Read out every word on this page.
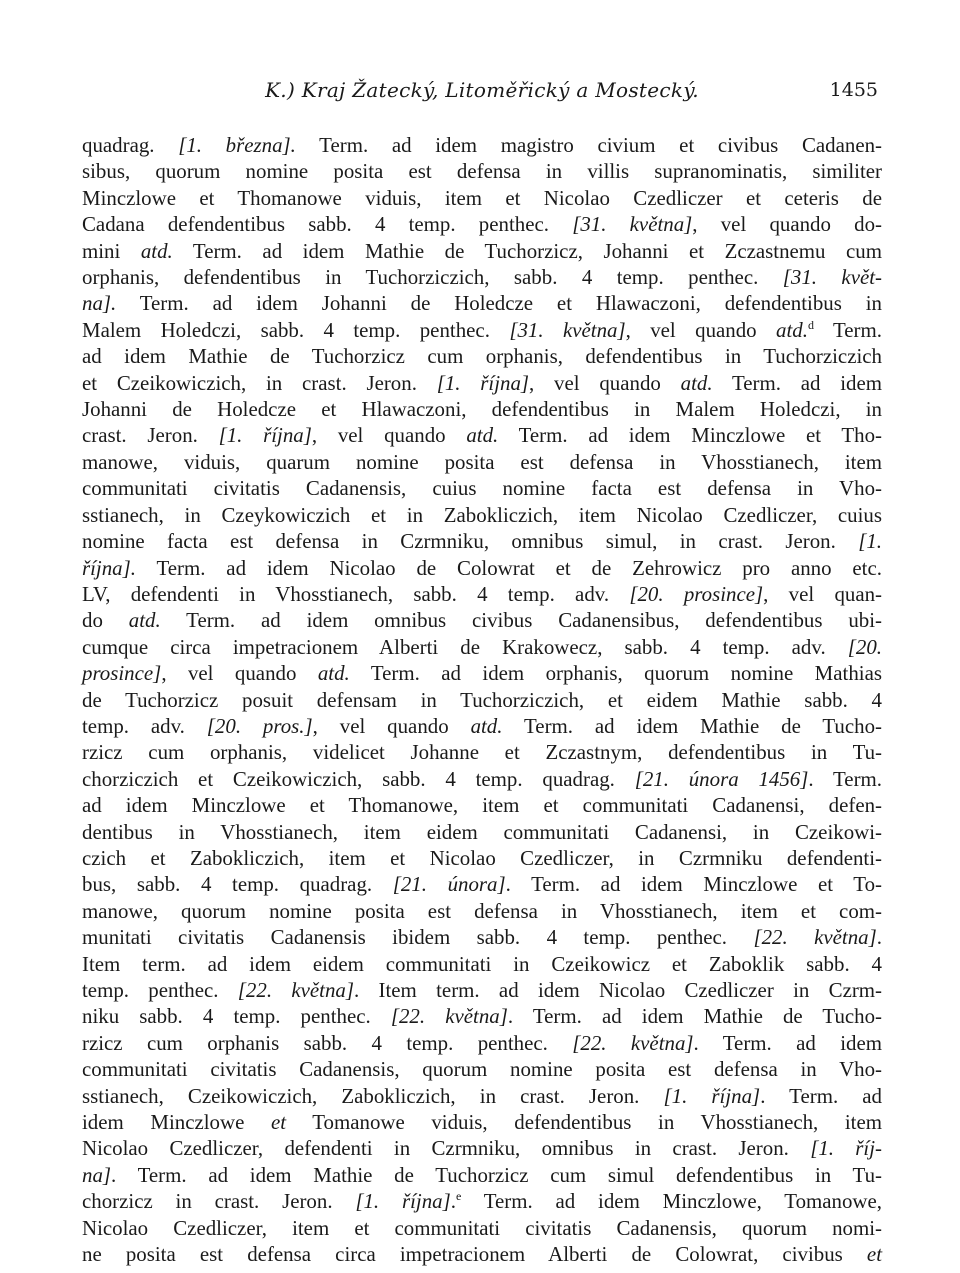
K.) Kraj Žatecký, Litoměřický a Mostecký.	1455
quadrag. [1. března]. Term. ad idem magistro civium et civibus Cadanen-
sibus, quorum nomine posita est defensa in villis supranominatis, similiter
Minczlowe et Thomanowe viduis, item et Nicolao Czedliczer et ceteris de
Cadana defendentibus sabb. 4 temp. penthec. [31. května], vel quando do-
mini atd. Term. ad idem Mathie de Tuchorzicz, Johanni et Zczastnemu cum
orphanis, defendentibus in Tuchorziczich, sabb. 4 temp. penthec. [31. květ-
na]. Term. ad idem Johanni de Holedcze et Hlawaczoni, defendentibus in
Malem Holedczi, sabb. 4 temp. penthec. [31. května], vel quando atd.$^d$ Term.
ad idem Mathie de Tuchorzicz cum orphanis, defendentibus in Tuchorziczich
et Czeikowiczich, in crast. Jeron. [1. října], vel quando atd. Term. ad idem
Johanni de Holedcze et Hlawaczoni, defendentibus in Malem Holedczi, in
crast. Jeron. [1. října], vel quando atd. Term. ad idem Minczlowe et Tho-
manowe, viduis, quarum nomine posita est defensa in Vhosstianech, item
communitati civitatis Cadanensis, cuius nomine facta est defensa in Vho-
sstianech, in Czeykowiczich et in Zabokliczich, item Nicolao Czedliczer, cuius
nomine facta est defensa in Czrmniku, omnibus simul, in crast. Jeron. [1.
října]. Term. ad idem Nicolao de Colowrat et de Zehrowicz pro anno etc.
LV, defendenti in Vhosstianech, sabb. 4 temp. adv. [20. prosince], vel quan-
do atd. Term. ad idem omnibus civibus Cadanensibus, defendentibus ubi-
cumque circa impetracionem Alberti de Krakowecz, sabb. 4 temp. adv. [20.
prosince], vel quando atd. Term. ad idem orphanis, quorum nomine Mathias
de Tuchorzicz posuit defensam in Tuchorziczich, et eidem Mathie sabb. 4
temp. adv. [20. pros.], vel quando atd. Term. ad idem Mathie de Tucho-
rzicz cum orphanis, videlicet Johanne et Zczastnym, defendentibus in Tu-
chorziczich et Czeikowiczich, sabb. 4 temp. quadrag. [21. února 1456]. Term.
ad idem Minczlowe et Thomanowe, item et communitati Cadanensi, defen-
dentibus in Vhosstianech, item eidem communitati Cadanensi, in Czeikowi-
czich et Zabokliczich, item et Nicolao Czedliczer, in Czrmniku defendenti-
bus, sabb. 4 temp. quadrag. [21. února]. Term. ad idem Minczlowe et To-
manowe, quorum nomine posita est defensa in Vhosstianech, item et com-
munitati civitatis Cadanensis ibidem sabb. 4 temp. penthec. [22. května].
Item term. ad idem eidem communitati in Czeikowicz et Zaboklik sabb. 4
temp. penthec. [22. května]. Item term. ad idem Nicolao Czedliczer in Czrm-
niku sabb. 4 temp. penthec. [22. května]. Term. ad idem Mathie de Tucho-
rzicz cum orphanis sabb. 4 temp. penthec. [22. května]. Term. ad idem
communitati civitatis Cadanensis, quorum nomine posita est defensa in Vho-
sstianech, Czeikowiczich, Zabokliczich, in crast. Jeron. [1. října]. Term. ad
idem Minczlowe et Tomanowe viduis, defendentibus in Vhosstianech, item
Nicolao Czedliczer, defendenti in Czrmniku, omnibus in crast. Jeron. [1. říj-
na]. Term. ad idem Mathie de Tuchorzicz cum simul defendentibus in Tu-
chorzicz in crast. Jeron. [1. října].$^e$ Term. ad idem Minczlowe, Tomanowe,
Nicolao Czedliczer, item et communitati civitatis Cadanensis, quorum nomi-
ne posita est defensa circa impetracionem Alberti de Colowrat, civibus et
